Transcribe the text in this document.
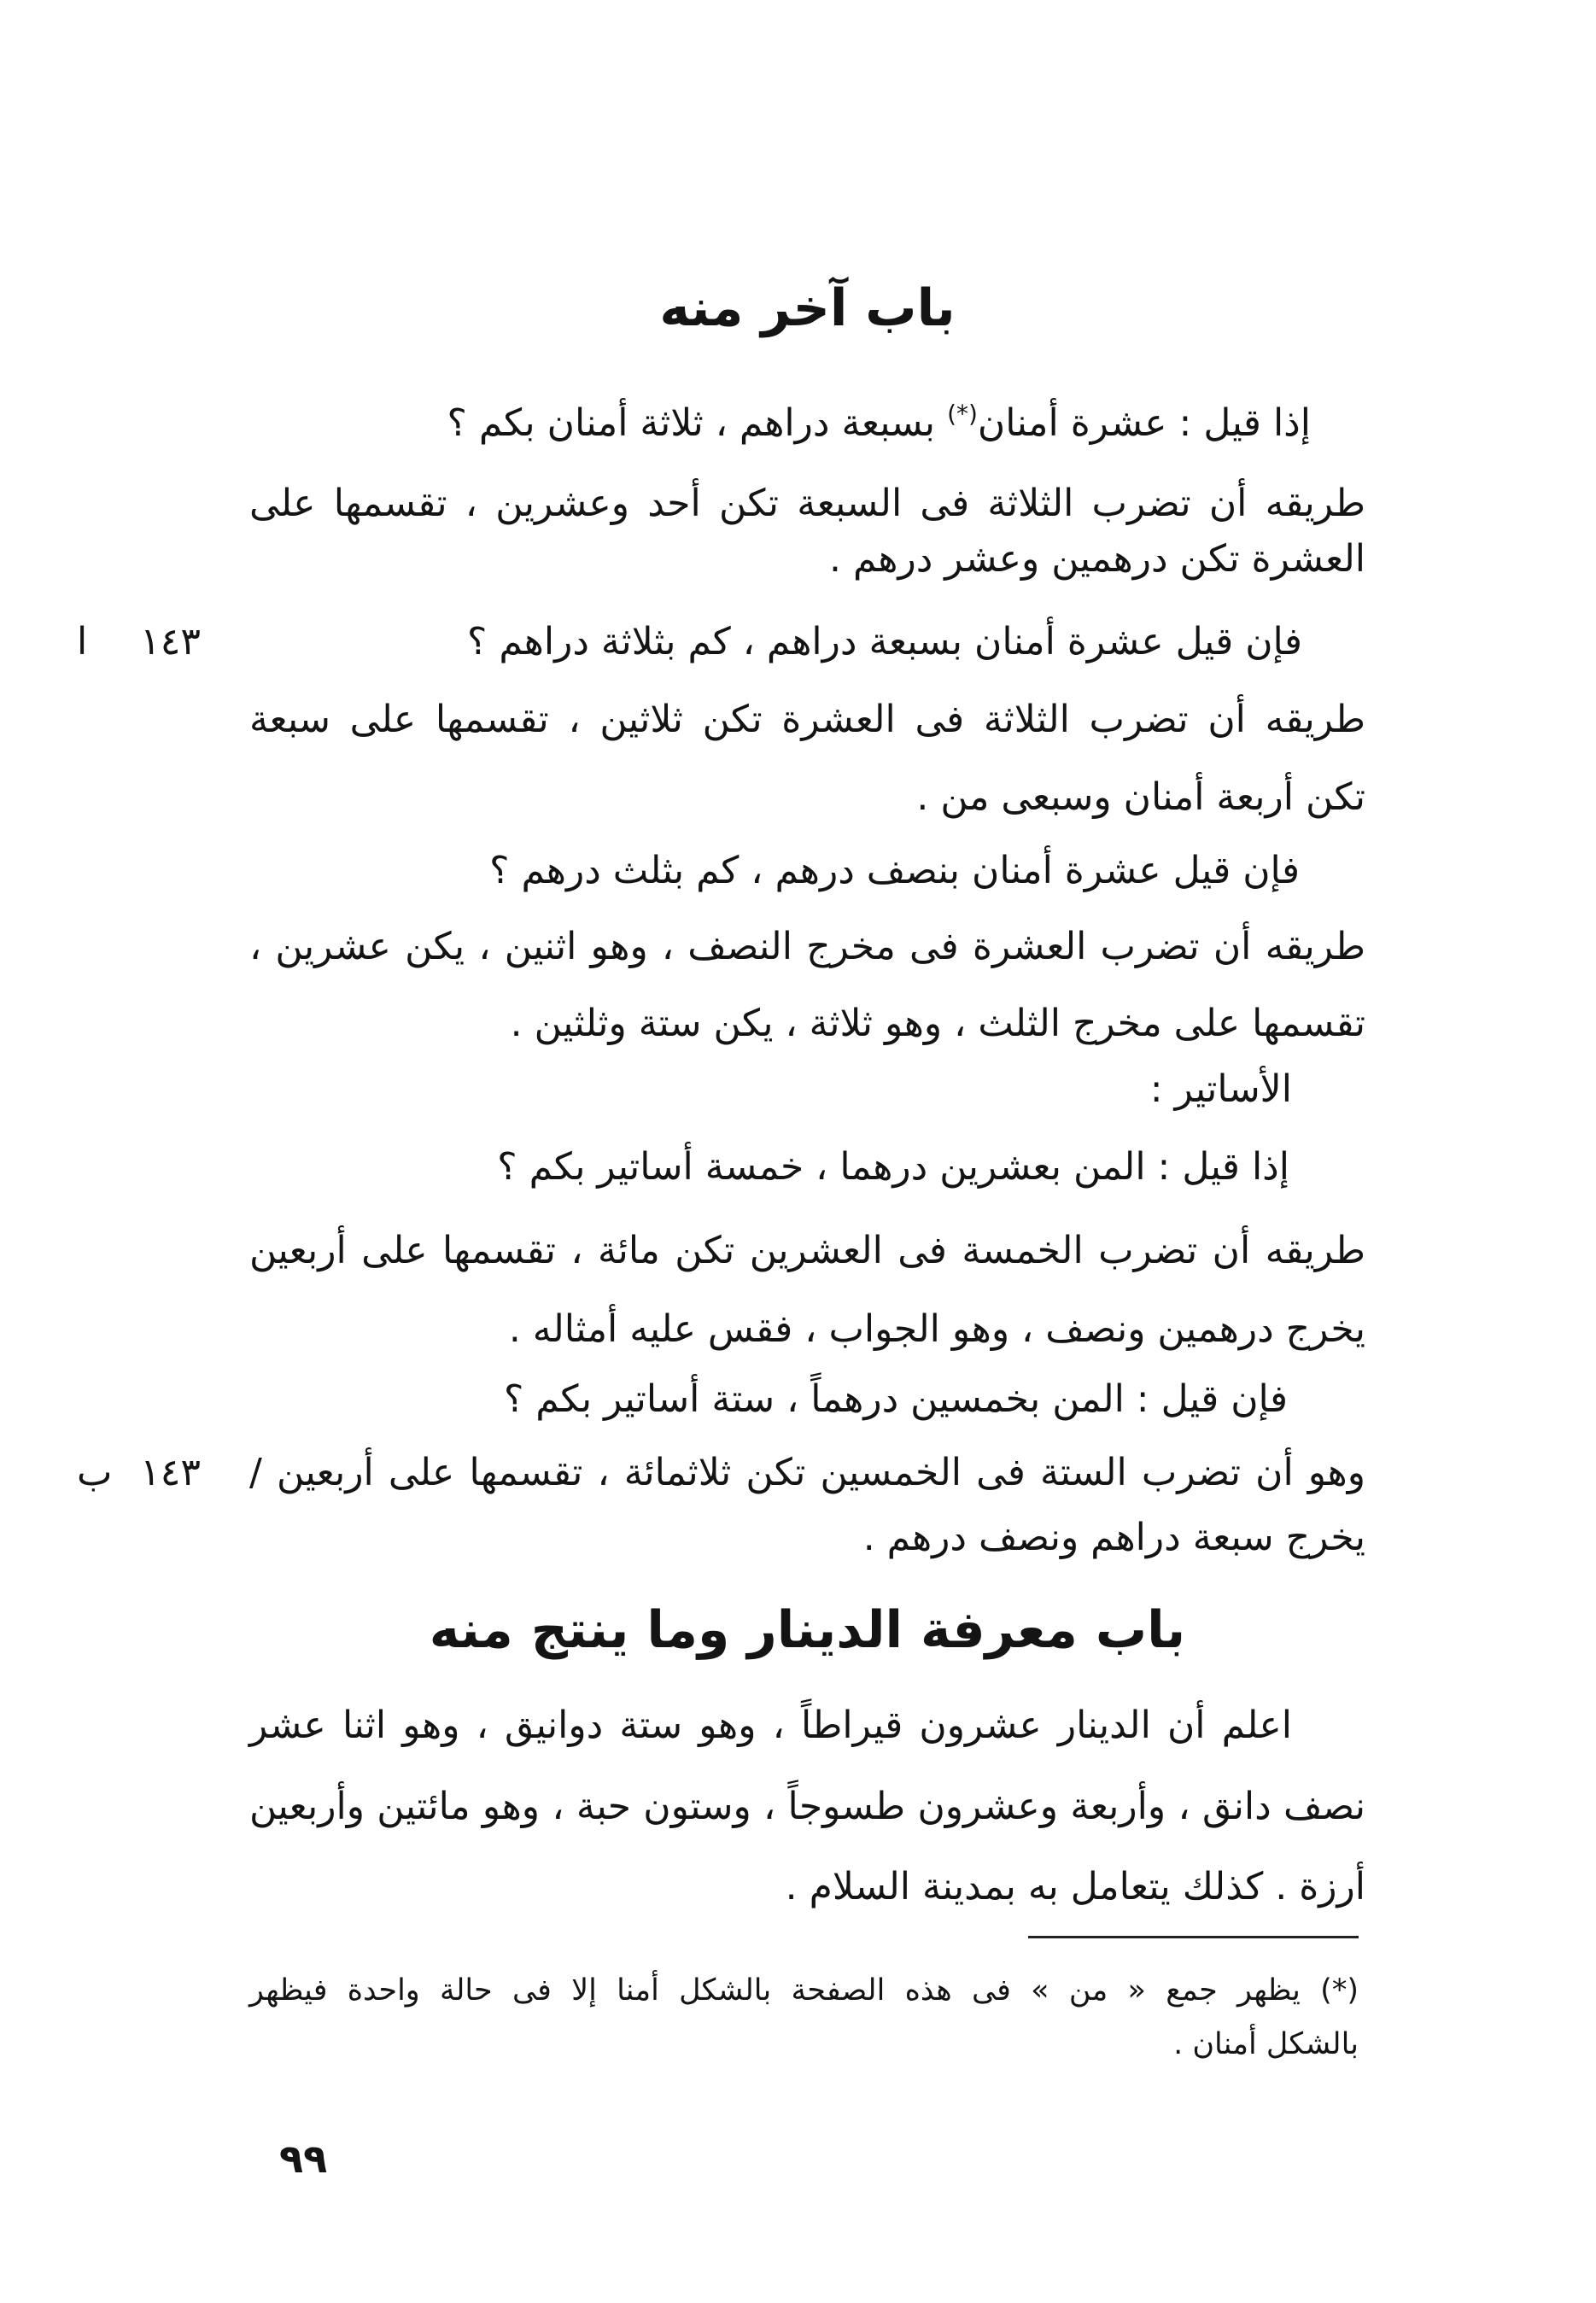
باب آخر منه
إذا قيل : عشرة أمنان(*)بسبعة دراهم ، ثلاثة أمنان بكم ؟
طريقه أن تضرب الثلاثة فى السبعة تكن أحد وعشرين ، تقسمها على
العشرة تكن درهمين وعشر درهم .
فإن قيل عشرة أمنان بسبعة دراهم ، كم بثلاثة دراهم ؟
طريقه أن تضرب الثلاثة فى العشرة تكن ثلاثين ، تقسمها على سبعة
تكن أربعة أمنان وسبعى من .
فإن قيل عشرة أمنان بنصف درهم ، كم بثلث درهم ؟
طريقه أن تضرب العشرة فى مخرج النصف ، وهو اثنين ، يكن عشرين ،
تقسمها على مخرج الثلث ، وهو ثلاثة ، يكن ستة وثلثين .
الأساتير :
إذا قيل : المن بعشرين درهما ، خمسة أساتير بكم ؟
طريقه أن تضرب الخمسة فى العشرين تكن مائة ، تقسمها على أربعين
يخرج درهمين ونصف ، وهو الجواب ، فقس عليه أمثاله .
فإن قيل : المن بخمسين درهماً ، ستة أساتير بكم ؟
وهو أن تضرب الستة فى الخمسين تكن ثلاثمائة ، تقسمها على أربعين /
يخرج سبعة دراهم ونصف درهم .
١٤٣ ا
١٤٣ ب
باب معرفة الدينار وما ينتج منه
اعلم أن الدينار عشرون قيراطاً ، وهو ستة دوانيق ، وهو اثنا عشر
نصف دانق ، وأربعة وعشرون طسوجاً ، وستون حبة ، وهو مائتين وأربعين
أرزة . كذلك يتعامل به بمدينة السلام .
(*) يظهر جمع « من » فى هذه الصفحة بالشكل أمنا إلا فى حالة واحدة فيظهر
بالشكل أمنان .
٩٩
